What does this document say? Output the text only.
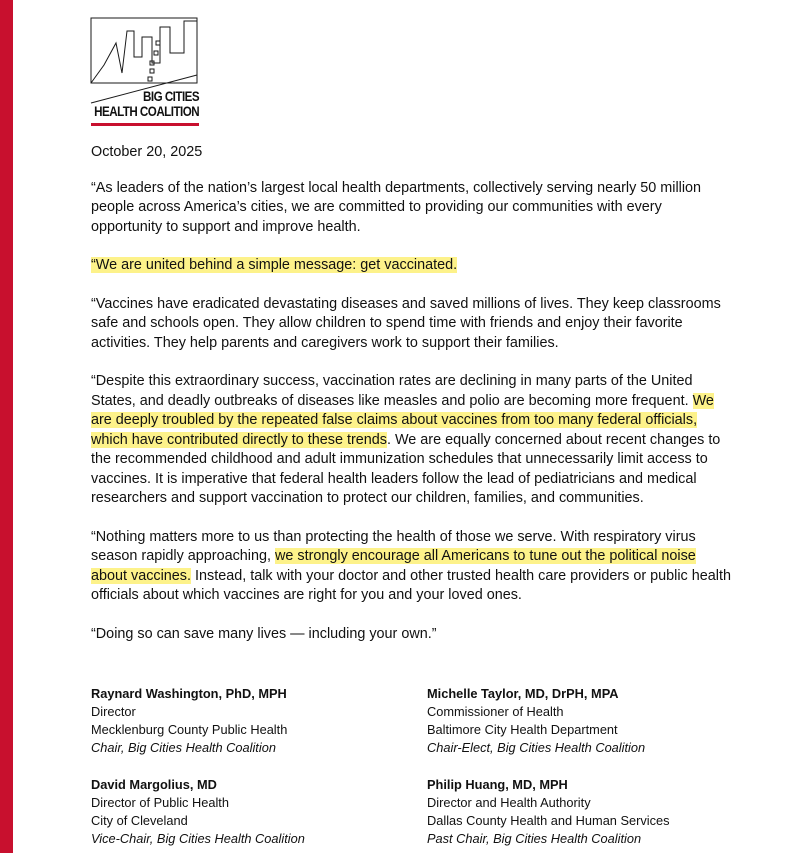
BIG CITIES
HEALTH COALITION

October 20, 2025

“As leaders of the nation’s largest local health departments, collectively serving nearly 50 million people across America’s cities, we are committed to providing our communities with every opportunity to support and improve health.

“We are united behind a simple message: get vaccinated.

“Vaccines have eradicated devastating diseases and saved millions of lives. They keep classrooms safe and schools open. They allow children to spend time with friends and enjoy their favorite activities. They help parents and caregivers work to support their families.

“Despite this extraordinary success, vaccination rates are declining in many parts of the United States, and deadly outbreaks of diseases like measles and polio are becoming more frequent. We are deeply troubled by the repeated false claims about vaccines from too many federal officials, which have contributed directly to these trends. We are equally concerned about recent changes to the recommended childhood and adult immunization schedules that unnecessarily limit access to vaccines. It is imperative that federal health leaders follow the lead of pediatricians and medical researchers and support vaccination to protect our children, families, and communities.

“Nothing matters more to us than protecting the health of those we serve. With respiratory virus season rapidly approaching, we strongly encourage all Americans to tune out the political noise about vaccines. Instead, talk with your doctor and other trusted health care providers or public health officials about which vaccines are right for you and your loved ones.

“Doing so can save many lives — including your own.”

Raynard Washington, PhD, MPH
Director
Mecklenburg County Public Health
Chair, Big Cities Health Coalition
Michelle Taylor, MD, DrPH, MPA
Commissioner of Health
Baltimore City Health Department
Chair-Elect, Big Cities Health Coalition
David Margolius, MD
Director of Public Health
City of Cleveland
Vice-Chair, Big Cities Health Coalition
Philip Huang, MD, MPH
Director and Health Authority
Dallas County Health and Human Services
Past Chair, Big Cities Health Coalition
